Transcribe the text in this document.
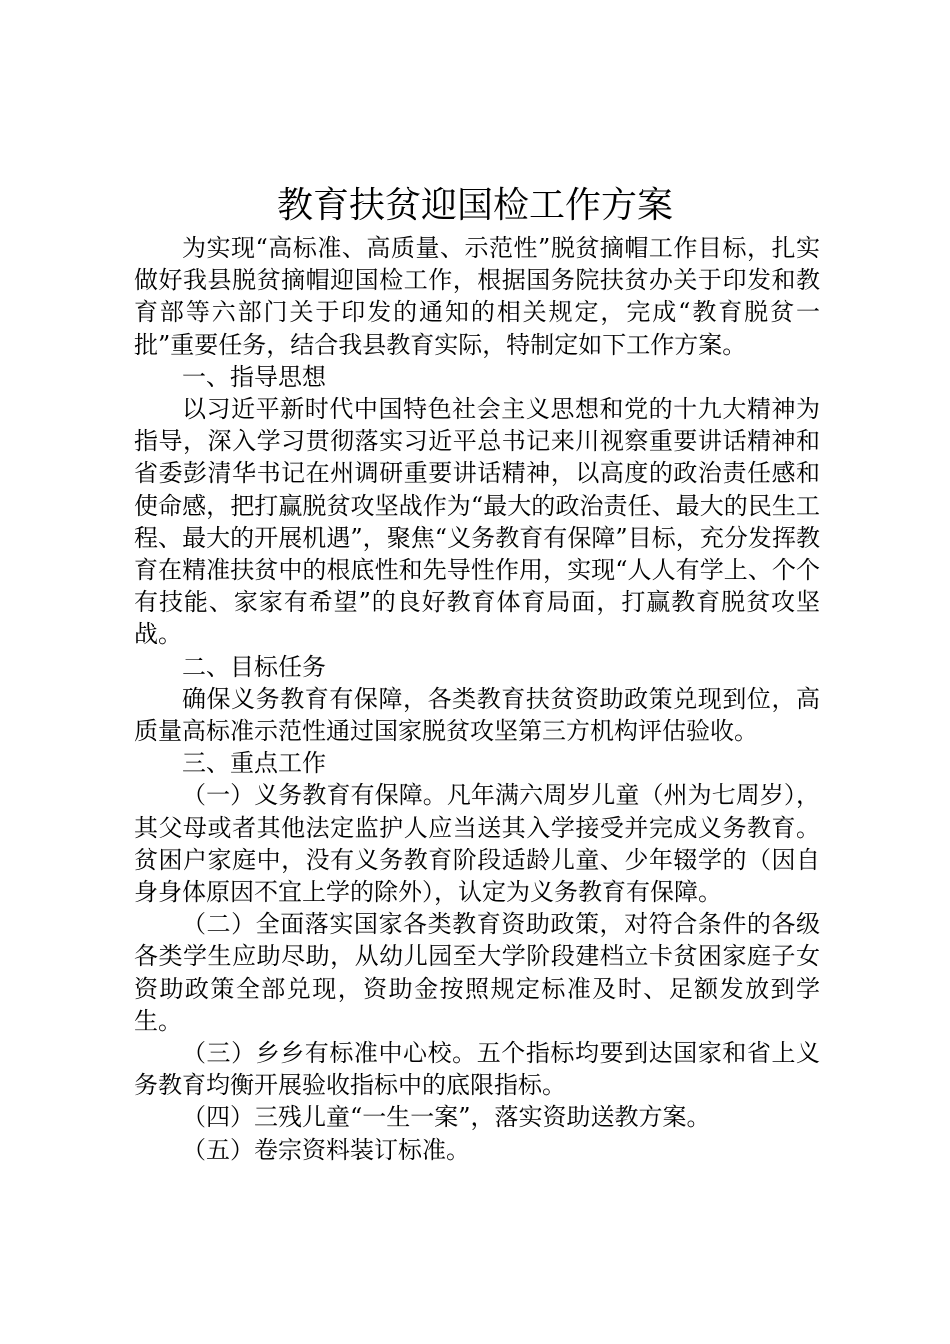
教育扶贫迎国检工作方案

为实现“高标准、高质量、示范性”脱贫摘帽工作目标，扎实做好我县脱贫摘帽迎国检工作，根据国务院扶贫办关于印发和教育部等六部门关于印发的通知的相关规定，完成“教育脱贫一批”重要任务，结合我县教育实际，特制定如下工作方案。

一、指导思想

以习近平新时代中国特色社会主义思想和党的十九大精神为指导，深入学习贯彻落实习近平总书记来川视察重要讲话精神和省委彭清华书记在州调研重要讲话精神，以高度的政治责任感和使命感，把打赢脱贫攻坚战作为“最大的政治责任、最大的民生工程、最大的开展机遇”，聚焦“义务教育有保障”目标，充分发挥教育在精准扶贫中的根底性和先导性作用，实现“人人有学上、个个有技能、家家有希望”的良好教育体育局面，打赢教育脱贫攻坚战。

二、目标任务

确保义务教育有保障，各类教育扶贫资助政策兑现到位，高质量高标准示范性通过国家脱贫攻坚第三方机构评估验收。

三、重点工作

（一）义务教育有保障。凡年满六周岁儿童（州为七周岁），其父母或者其他法定监护人应当送其入学接受并完成义务教育。贫困户家庭中，没有义务教育阶段适龄儿童、少年辍学的（因自身身体原因不宜上学的除外），认定为义务教育有保障。

（二）全面落实国家各类教育资助政策，对符合条件的各级各类学生应助尽助，从幼儿园至大学阶段建档立卡贫困家庭子女资助政策全部兑现，资助金按照规定标准及时、足额发放到学生。

（三）乡乡有标准中心校。五个指标均要到达国家和省上义务教育均衡开展验收指标中的底限指标。

（四）三残儿童“一生一案”，落实资助送教方案。

（五）卷宗资料装订标准。
